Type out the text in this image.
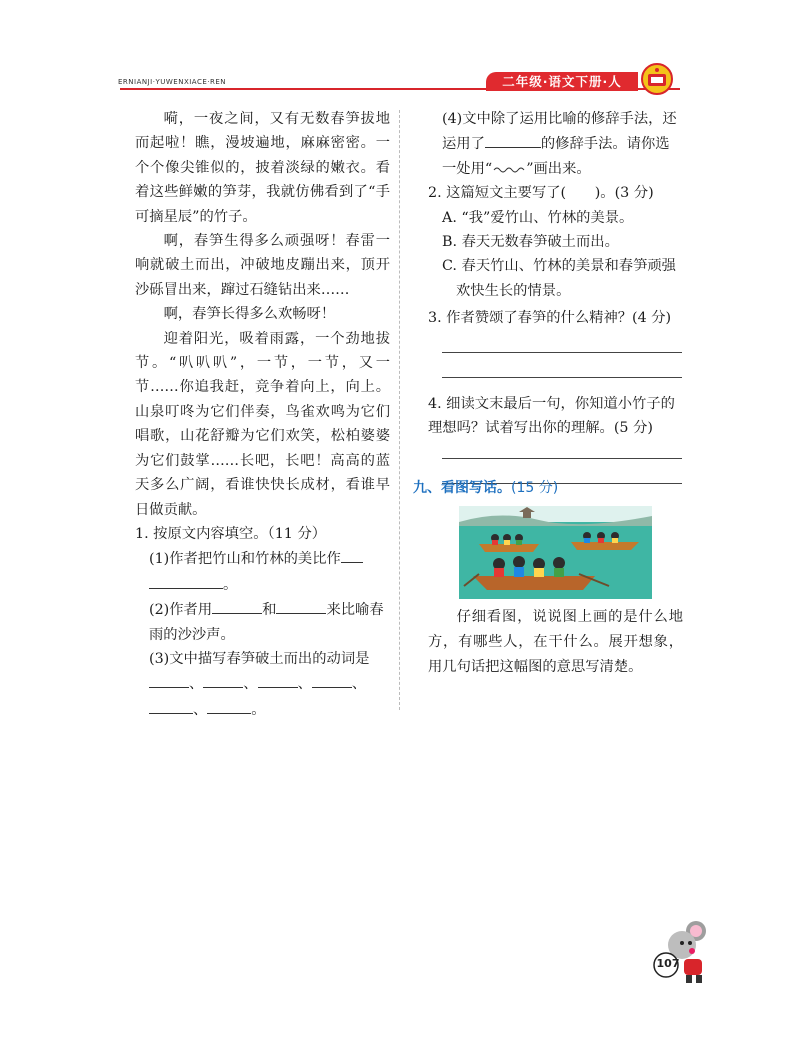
ERNIANJI·YUWENXIACE·REN	二年级·语文下册·人

嗬，一夜之间，又有无数春笋拔地而起啦！瞧，漫坡遍地，麻麻密密。一个个像尖锥似的，披着淡绿的嫩衣。看着这些鲜嫩的笋芽，我就仿佛看到了“手可摘星辰”的竹子。

啊，春笋生得多么顽强呀！春雷一响就破土而出，冲破地皮蹦出来，顶开沙砾冒出来，蹿过石缝钻出来……

啊，春笋长得多么欢畅呀！

迎着阳光，吸着雨露，一个劲地拔节。“叭叭叭”，一节，一节，又一节……你追我赶，竞争着向上，向上。山泉叮咚为它们伴奏，鸟雀欢鸣为它们唱歌，山花舒瓣为它们欢笑，松柏婆婆为它们鼓掌……长吧，长吧！高高的蓝天多么广阔，看谁快快长成材，看谁早日做贡献。

1. 按原文内容填空。（11 分）

(1)作者把竹山和竹林的美比作
。

(2)作者用	和	来比喻春雨的沙沙声。

(3)文中描写春笋破土而出的动词是、	、	、	、
、	。

(4)文中除了运用比喻的修辞手法，还运用了	的修辞手法。请你选一处用“ ”画出来。

2. 这篇短文主要写了(　　)。(3 分)

A. “我”爱竹山、竹林的美景。

B. 春天无数春笋破土而出。

C. 春天竹山、竹林的美景和春笋顽强欢快生长的情景。

3. 作者赞颂了春笋的什么精神？(4 分)

4. 细读文末最后一句，你知道小竹子的理想吗？试着写出你的理解。(5 分)

九、看图写话。(15 分)

仔细看图，说说图上画的是什么地方，有哪些人，在干什么。展开想象，用几句话把这幅图的意思写清楚。

107
